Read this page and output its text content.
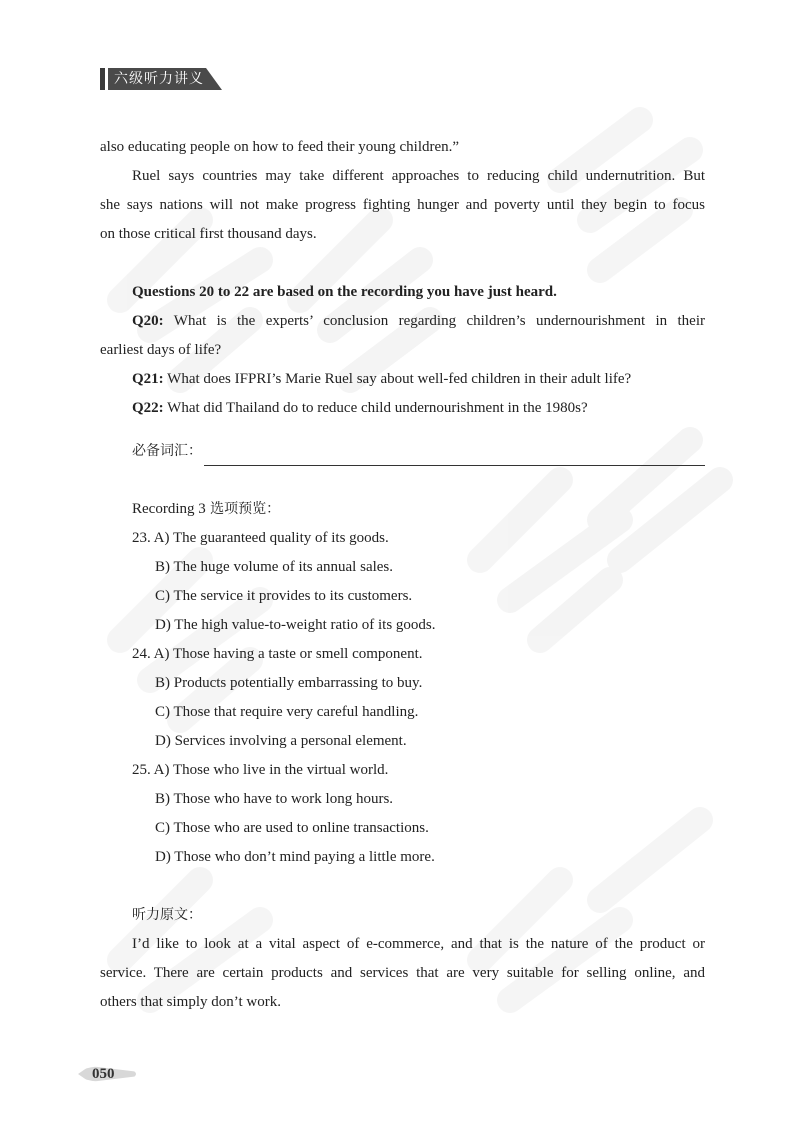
六级听力讲义
also educating people on how to feed their young children.”
Ruel says countries may take different approaches to reducing child undernutrition. But
she says nations will not make progress fighting hunger and poverty until they begin to focus
on those critical first thousand days.
Questions 20 to 22 are based on the recording you have just heard.
Q20: What is the experts’ conclusion regarding children’s undernourishment in their
earliest days of life?
Q21: What does IFPRI’s Marie Ruel say about well-fed children in their adult life?
Q22: What did Thailand do to reduce child undernourishment in the 1980s?
必备词汇：
Recording 3 选项预览：
23. A) The guaranteed quality of its goods.
B) The huge volume of its annual sales.
C) The service it provides to its customers.
D) The high value-to-weight ratio of its goods.
24. A) Those having a taste or smell component.
B) Products potentially embarrassing to buy.
C) Those that require very careful handling.
D) Services involving a personal element.
25. A) Those who live in the virtual world.
B) Those who have to work long hours.
C) Those who are used to online transactions.
D) Those who don’t mind paying a little more.
听力原文：
I’d like to look at a vital aspect of e-commerce, and that is the nature of the product or
service. There are certain products and services that are very suitable for selling online, and
others that simply don’t work.
050
